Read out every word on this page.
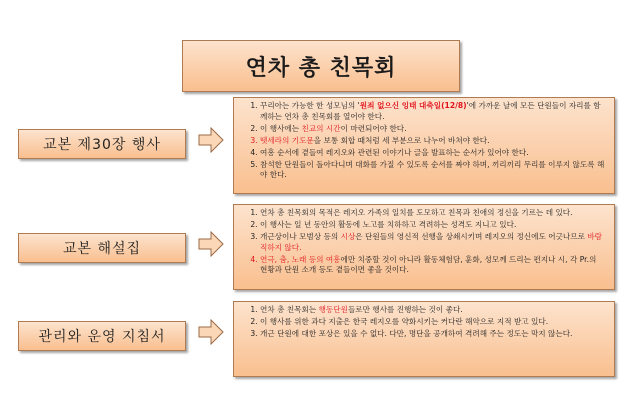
연차 총 친목회
교본 제30장 행사
1. 꾸리아는 가능한 한 성모님의 '원죄 없으신 잉태 대축일(12/8)'에 가까운 날에 모든 단원들이 자리를 함께하는 연차 총 친목회를 열어야 한다.
2. 이 행사에는 친교의 시간이 마련되어야 한다.
3. 뗏세라의 기도문을 보통 회합 때처럼 세 부분으로 나누어 바쳐야 한다.
4. 여흥 순서에 곁들여 레지오와 관련된 이야기나 글을 발표하는 순서가 있어야 한다.
5. 참석한 단원들이 돌아다니며 대화를 가질 수 있도록 순서를 짜야 하며, 끼리끼리 무리를 이루지 않도록 해야 한다.
교본 해설집
1. 연차 총 친목회의 목적은 레지오 가족의 일치를 도모하고 친목과 친애의 정신을 기르는 데 있다.
2. 이 행사는 일 년 동안의 활동에 노고를 치하하고 격려하는 성격도 지니고 있다.
3. 개근상이나 모범상 등의 시상은 단원들의 영신적 선행을 상쇄시키며 레지오의 정신에도 어긋나므로 바람직하지 않다.
4. 연극, 춤, 노래 등의 여흥에만 치중할 것이 아니라 활동체험담, 훈화, 성모께 드리는 편지나 시, 각 Pr.의 현황과 단원 소개 등도 곁들이면 좋을 것이다.
관리와 운영 지침서
1. 연차 총 친목회는 행동단원들로만 행사를 진행하는 것이 좋다.
2. 이 행사를 위한 과다 지출은 한국 레지오를 약화시키는 커다란 해악으로 지적 받고 있다.
3. 개근 단원에 대한 포상은 있을 수 없다. 다만, 명단을 공개하여 격려해 주는 정도는 막지 않는다.
